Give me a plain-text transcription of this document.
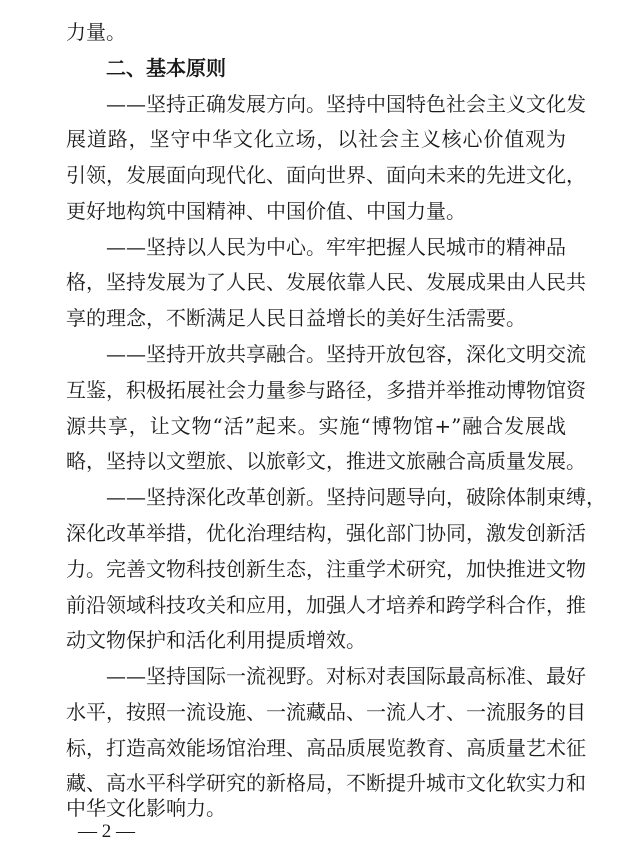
力量。
二、基本原则
——坚持正确发展方向。坚持中国特色社会主义文化发
展道路，坚守中华文化立场，以社会主义核心价值观为
引领，发展面向现代化、面向世界、面向未来的先进文化，
更好地构筑中国精神、中国价值、中国力量。
——坚持以人民为中心。牢牢把握人民城市的精神品
格，坚持发展为了人民、发展依靠人民、发展成果由人民共
享的理念，不断满足人民日益增长的美好生活需要。
——坚持开放共享融合。坚持开放包容，深化文明交流
互鉴，积极拓展社会力量参与路径，多措并举推动博物馆资
源共享，让文物“活”起来。实施“博物馆+”融合发展战
略，坚持以文塑旅、以旅彰文，推进文旅融合高质量发展。
——坚持深化改革创新。坚持问题导向，破除体制束缚，
深化改革举措，优化治理结构，强化部门协同，激发创新活
力。完善文物科技创新生态，注重学术研究，加快推进文物
前沿领域科技攻关和应用，加强人才培养和跨学科合作，推
动文物保护和活化利用提质增效。
——坚持国际一流视野。对标对表国际最高标准、最好
水平，按照一流设施、一流藏品、一流人才、一流服务的目
标，打造高效能场馆治理、高品质展览教育、高质量艺术征
藏、高水平科学研究的新格局，不断提升城市文化软实力和
— 2 —
中华文化影响力。
